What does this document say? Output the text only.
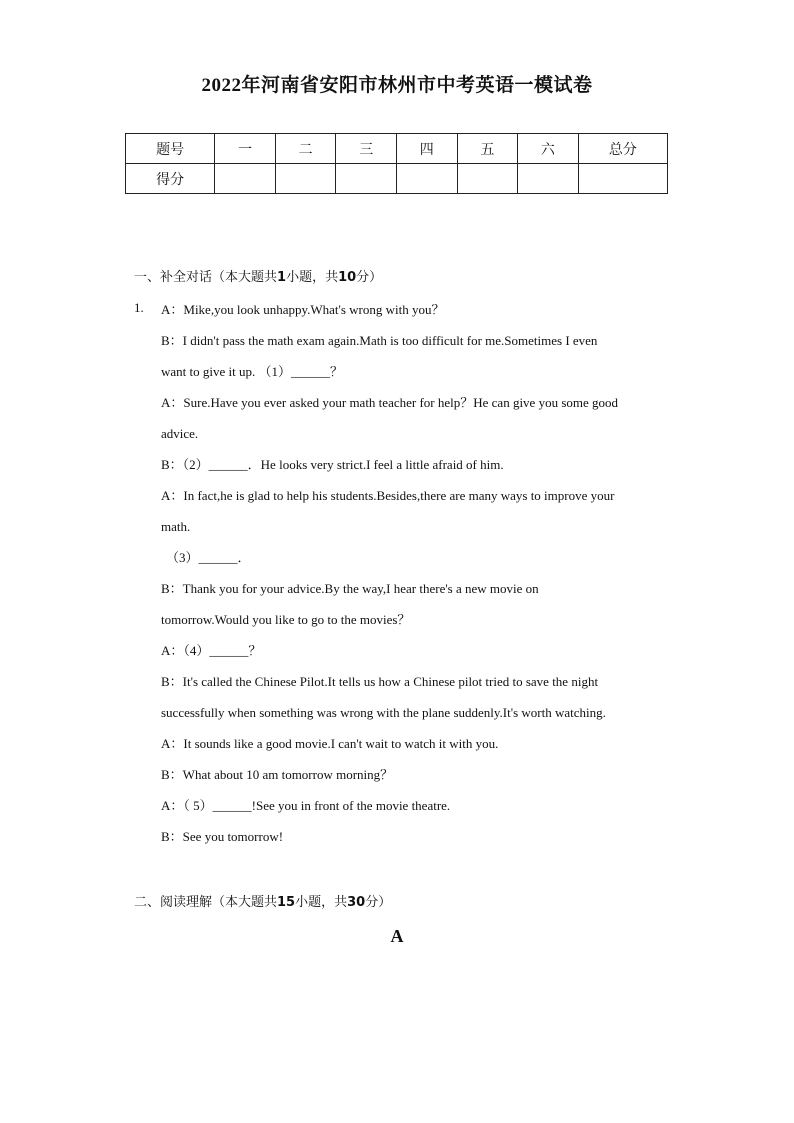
2022年河南省安阳市林州市中考英语一模试卷
题号	一	二	三	四	五	六	总分
得分							
一、补全对话（本大题共1小题，共10分）
1. A：Mike,you look unhappy.What's wrong with you？
B：I didn't pass the math exam again.Math is too difficult for me.Sometimes I even
want to give it up. （1）______？
A：Sure.Have you ever asked your math teacher for help？He can give you some good
advice.
B：（2）______．He looks very strict.I feel a little afraid of him.
A：In fact,he is glad to help his students.Besides,there are many ways to improve your
math.
（3）______．
B：Thank you for your advice.By the way,I hear there's a new movie on
tomorrow.Would you like to go to the movies？
A：（4）______？
B：It's called the Chinese Pilot.It tells us how a Chinese pilot tried to save the night
successfully when something was wrong with the plane suddenly.It's worth watching.
A：It sounds like a good movie.I can't wait to watch it with you.
B：What about 10 am tomorrow morning？
A：（ 5）______!See you in front of the movie theatre.
B：See you tomorrow!
二、阅读理解（本大题共15小题，共30分）
A
